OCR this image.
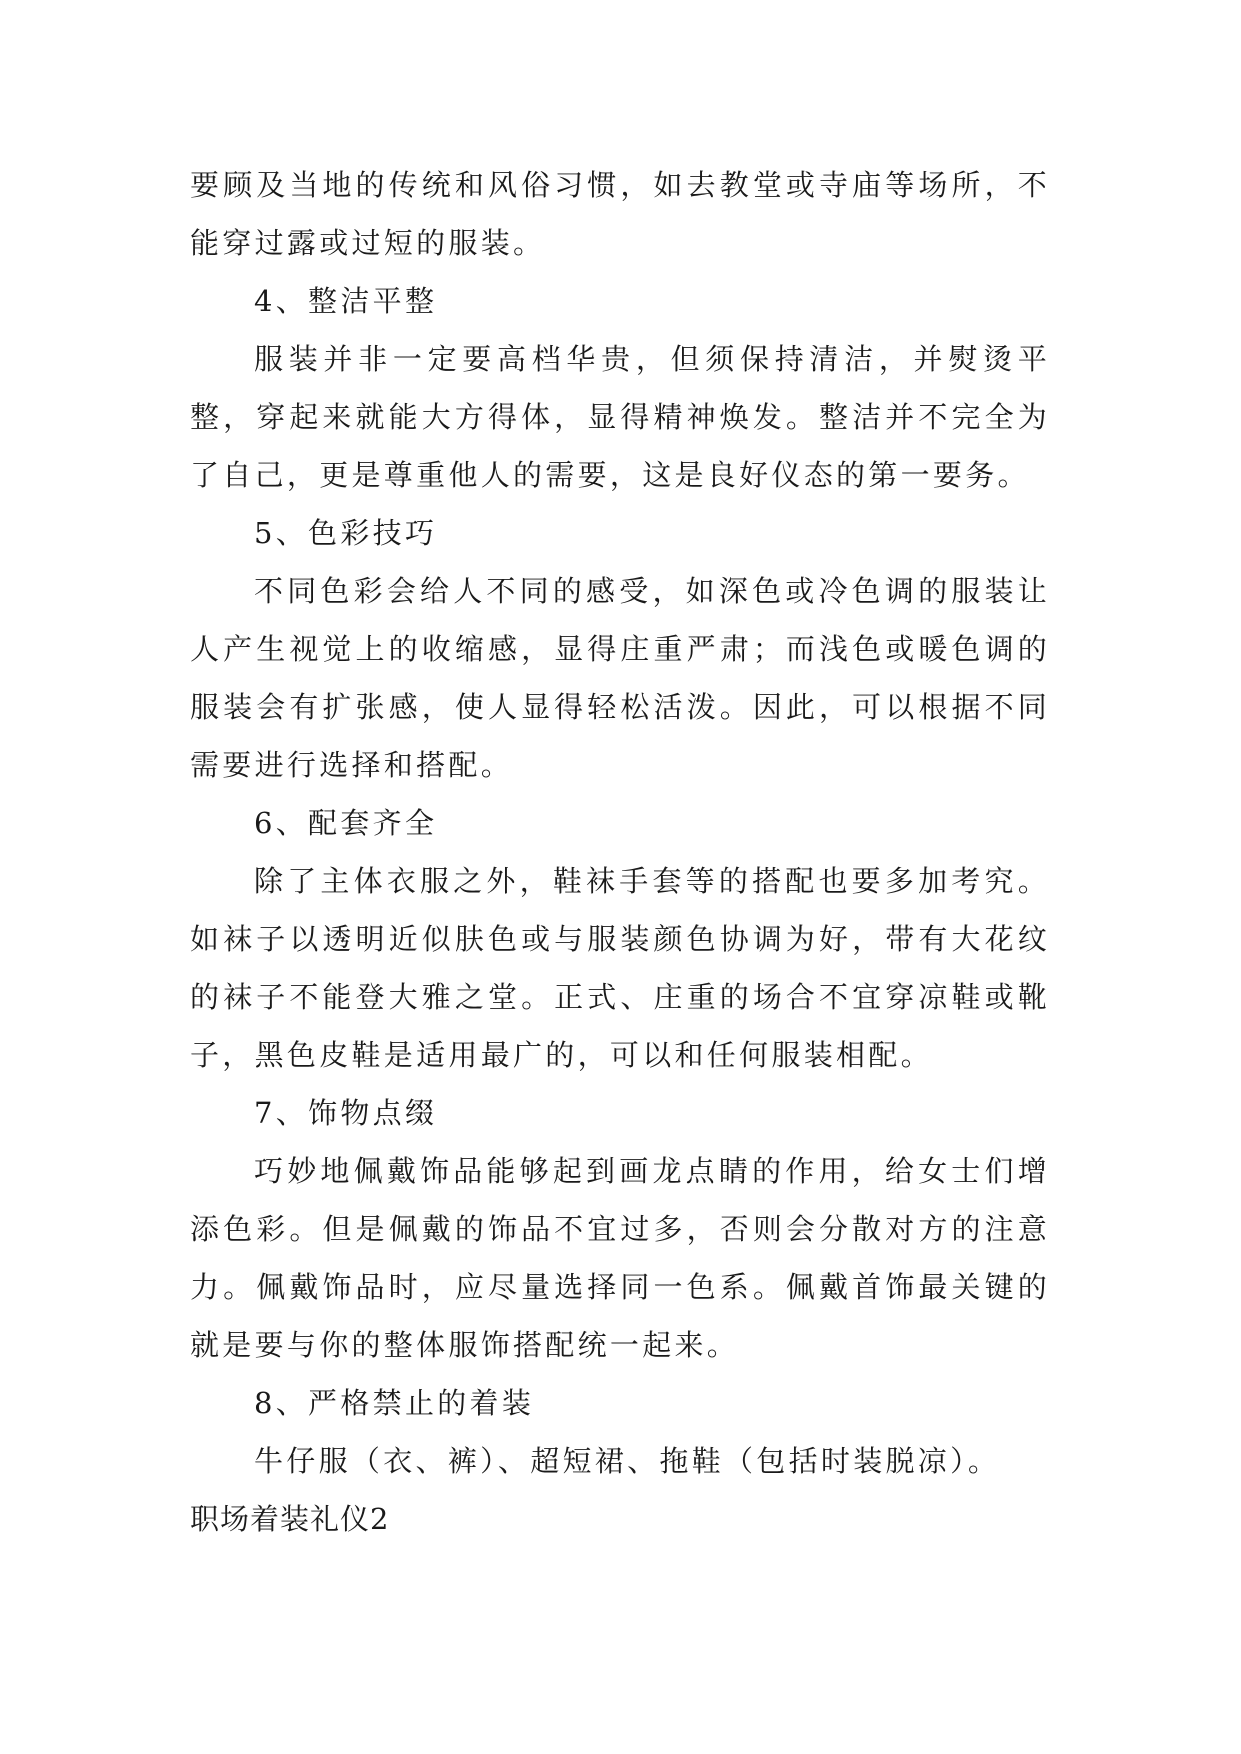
要顾及当地的传统和风俗习惯，如去教堂或寺庙等场所，不能穿过露或过短的服装。

4、整洁平整

服装并非一定要高档华贵，但须保持清洁，并熨烫平整，穿起来就能大方得体，显得精神焕发。整洁并不完全为了自己，更是尊重他人的需要，这是良好仪态的第一要务。

5、色彩技巧

不同色彩会给人不同的感受，如深色或冷色调的服装让人产生视觉上的收缩感，显得庄重严肃；而浅色或暖色调的服装会有扩张感，使人显得轻松活泼。因此，可以根据不同需要进行选择和搭配。

6、配套齐全

除了主体衣服之外，鞋袜手套等的搭配也要多加考究。如袜子以透明近似肤色或与服装颜色协调为好，带有大花纹的袜子不能登大雅之堂。正式、庄重的场合不宜穿凉鞋或靴子，黑色皮鞋是适用最广的，可以和任何服装相配。

7、饰物点缀

巧妙地佩戴饰品能够起到画龙点睛的作用，给女士们增添色彩。但是佩戴的饰品不宜过多，否则会分散对方的注意力。佩戴饰品时，应尽量选择同一色系。佩戴首饰最关键的就是要与你的整体服饰搭配统一起来。

8、严格禁止的着装

牛仔服（衣、裤）、超短裙、拖鞋（包括时装脱凉）。

职场着装礼仪2
